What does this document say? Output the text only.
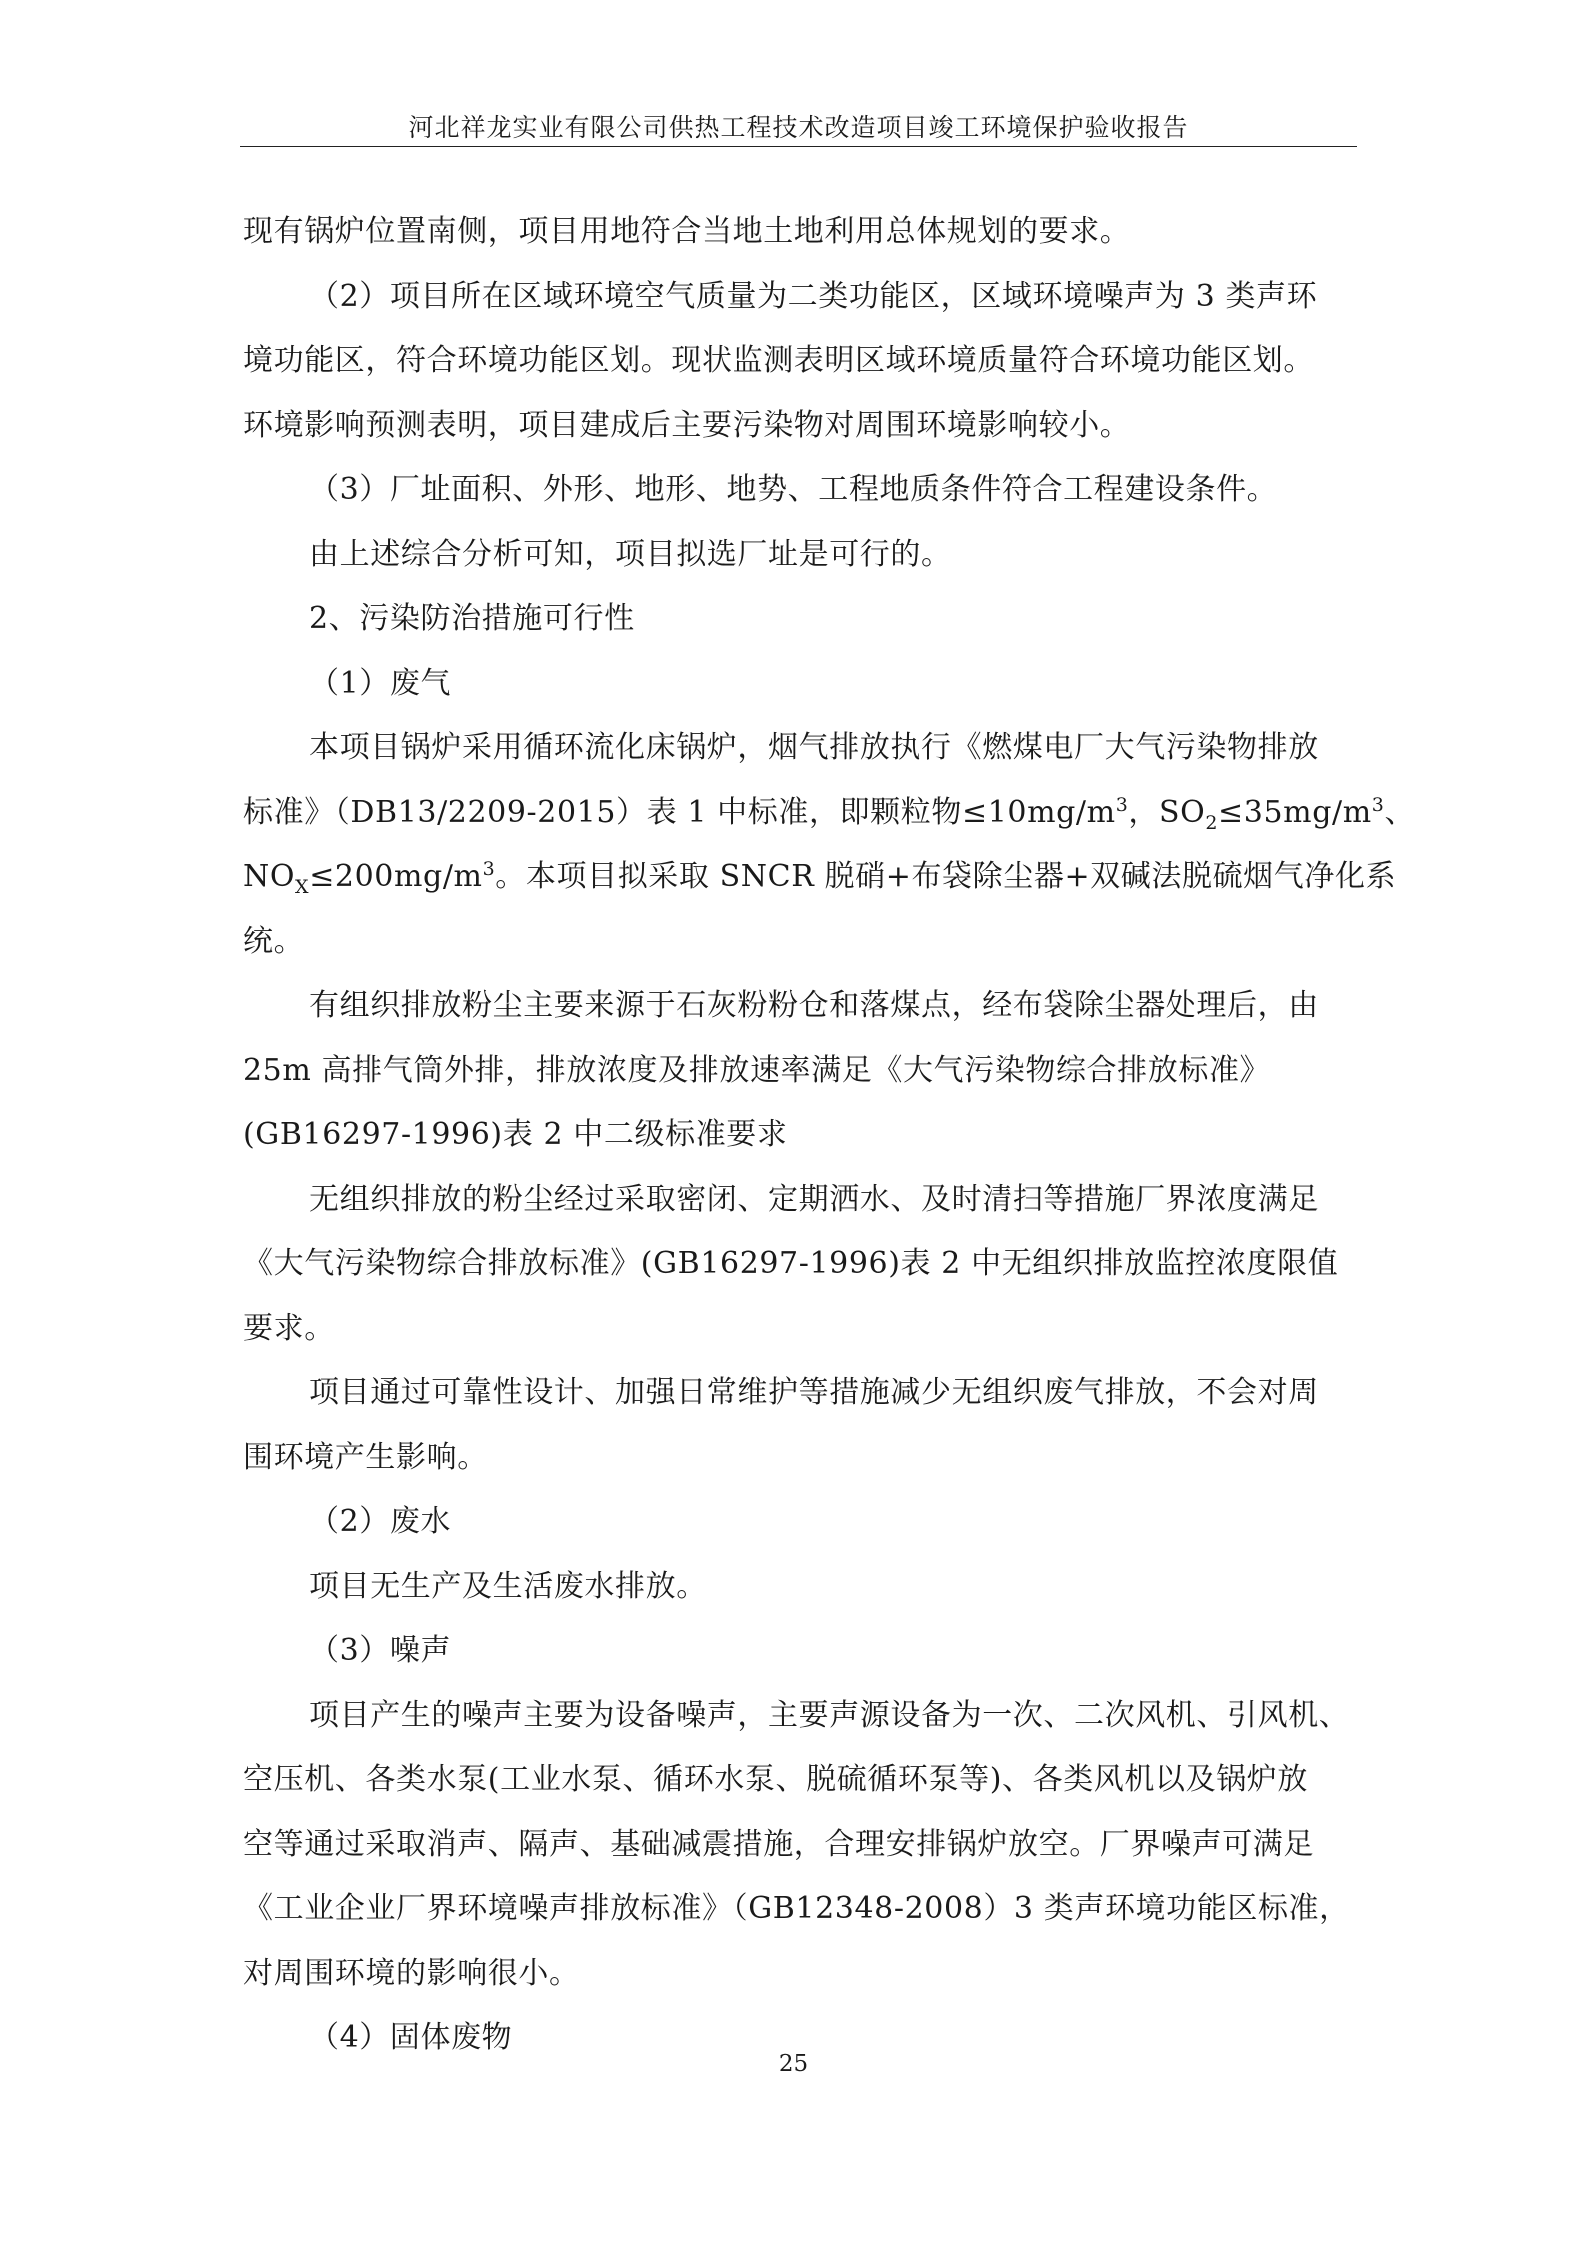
河北祥龙实业有限公司供热工程技术改造项目竣工环境保护验收报告

现有锅炉位置南侧，项目用地符合当地土地利用总体规划的要求。

（2）项目所在区域环境空气质量为二类功能区，区域环境噪声为 3 类声环

境功能区，符合环境功能区划。现状监测表明区域环境质量符合环境功能区划。

环境影响预测表明，项目建成后主要污染物对周围环境影响较小。

（3）厂址面积、外形、地形、地势、工程地质条件符合工程建设条件。

由上述综合分析可知，项目拟选厂址是可行的。

2、污染防治措施可行性

（1）废气

本项目锅炉采用循环流化床锅炉，烟气排放执行《燃煤电厂大气污染物排放

标准》（DB13/2209-2015）表 1 中标准，即颗粒物$\le 10mg/m^3$，$SO_2\le 35mg/m^3$、

$NO_X\le 200mg/m^3$。本项目拟采取 SNCR 脱硝+布袋除尘器+双碱法脱硫烟气净化系

统。

有组织排放粉尘主要来源于石灰粉粉仓和落煤点，经布袋除尘器处理后，由

25m 高排气筒外排，排放浓度及排放速率满足《大气污染物综合排放标准》

(GB16297-1996)表 2 中二级标准要求

无组织排放的粉尘经过采取密闭、定期洒水、及时清扫等措施厂界浓度满足

《大气污染物综合排放标准》(GB16297-1996)表 2 中无组织排放监控浓度限值

要求。

项目通过可靠性设计、加强日常维护等措施减少无组织废气排放，不会对周

围环境产生影响。

（2）废水

项目无生产及生活废水排放。

（3）噪声

项目产生的噪声主要为设备噪声，主要声源设备为一次、二次风机、引风机、

空压机、各类水泵(工业水泵、循环水泵、脱硫循环泵等)、各类风机以及锅炉放

空等通过采取消声、隔声、基础减震措施，合理安排锅炉放空。厂界噪声可满足

《工业企业厂界环境噪声排放标准》（GB12348-2008）3 类声环境功能区标准，

对周围环境的影响很小。

（4）固体废物

25
